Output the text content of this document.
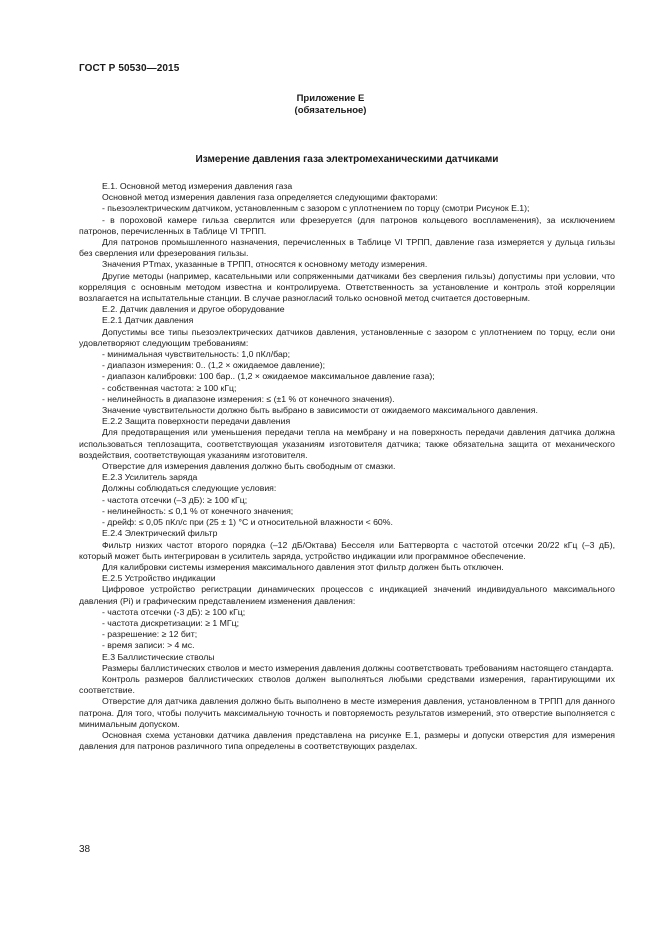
ГОСТ Р 50530—2015
Приложение Е
(обязательное)
Измерение давления газа электромеханическими датчиками

Е.1. Основной метод измерения давления газа

Основной метод измерения давления газа определяется следующими факторами:

- пьезоэлектрическим датчиком, установленным с зазором с уплотнением по торцу (смотри Рисунок Е.1);

- в пороховой камере гильза сверлится или фрезеруется (для патронов кольцевого воспламенения), за исключением патронов, перечисленных в Таблице VI ТРПП.

Для патронов промышленного назначения, перечисленных в Таблице VI ТРПП, давление газа измеряется у дульца гильзы без сверления или фрезерования гильзы.

Значения PTmax, указанные в ТРПП, относятся к основному методу измерения.

Другие методы (например, касательными или сопряженными датчиками без сверления гильзы) допустимы при условии, что корреляция с основным методом известна и контролируема. Ответственность за установление и контроль этой корреляции возлагается на испытательные станции. В случае разногласий только основной метод считается достоверным.

Е.2. Датчик давления и другое оборудование

Е.2.1 Датчик давления

Допустимы все типы пьезоэлектрических датчиков давления, установленные с зазором с уплотнением по торцу, если они удовлетворяют следующим требованиям:

- минимальная чувствительность: 1,0 пКл/бар;

- диапазон измерения: 0.. (1,2 × ожидаемое давление);

- диапазон калибровки: 100 бар.. (1,2 × ожидаемое максимальное давление газа);

- собственная частота: ≥ 100 кГц;

- нелинейность в диапазоне измерения: ≤ (±1 % от конечного значения).

Значение чувствительности должно быть выбрано в зависимости от ожидаемого максимального давления.

Е.2.2 Защита поверхности передачи давления

Для предотвращения или уменьшения передачи тепла на мембрану и на поверхность передачи давления датчика должна использоваться теплозащита, соответствующая указаниям изготовителя датчика; также обязательна защита от механического воздействия, соответствующая указаниям изготовителя.

Отверстие для измерения давления должно быть свободным от смазки.

Е.2.3 Усилитель заряда

Должны соблюдаться следующие условия:

- частота отсечки (–3 дБ): ≥ 100 кГц;

- нелинейность: ≤ 0,1 % от конечного значения;

- дрейф: ≤ 0,05 пКл/с при (25 ± 1) °С и относительной влажности < 60%.

Е.2.4 Электрический фильтр

Фильтр низких частот второго порядка (–12 дБ/Октава) Бесселя или Баттерворта с частотой отсечки 20/22 кГц (–3 дБ), который может быть интегрирован в усилитель заряда, устройство индикации или программное обеспечение.

Для калибровки системы измерения максимального давления этот фильтр должен быть отключен.

Е.2.5 Устройство индикации

Цифровое устройство регистрации динамических процессов с индикацией значений индивидуального максимального давления (Pi) и графическим представлением изменения давления:

- частота отсечки (-3 дБ): ≥ 100 кГц;

- частота дискретизации: ≥ 1 МГц;

- разрешение: ≥ 12 бит;

- время записи: > 4 мс.

Е.3 Баллистические стволы

Размеры баллистических стволов и место измерения давления должны соответствовать требованиям настоящего стандарта.

Контроль размеров баллистических стволов должен выполняться любыми средствами измерения, гарантирующими их соответствие.

Отверстие для датчика давления должно быть выполнено в месте измерения давления, установленном в ТРПП для данного патрона. Для того, чтобы получить максимальную точность и повторяемость результатов измерений, это отверстие выполняется с минимальным допуском.

Основная схема установки датчика давления представлена на рисунке Е.1, размеры и допуски отверстия для измерения давления для патронов различного типа определены в соответствующих разделах.

38
